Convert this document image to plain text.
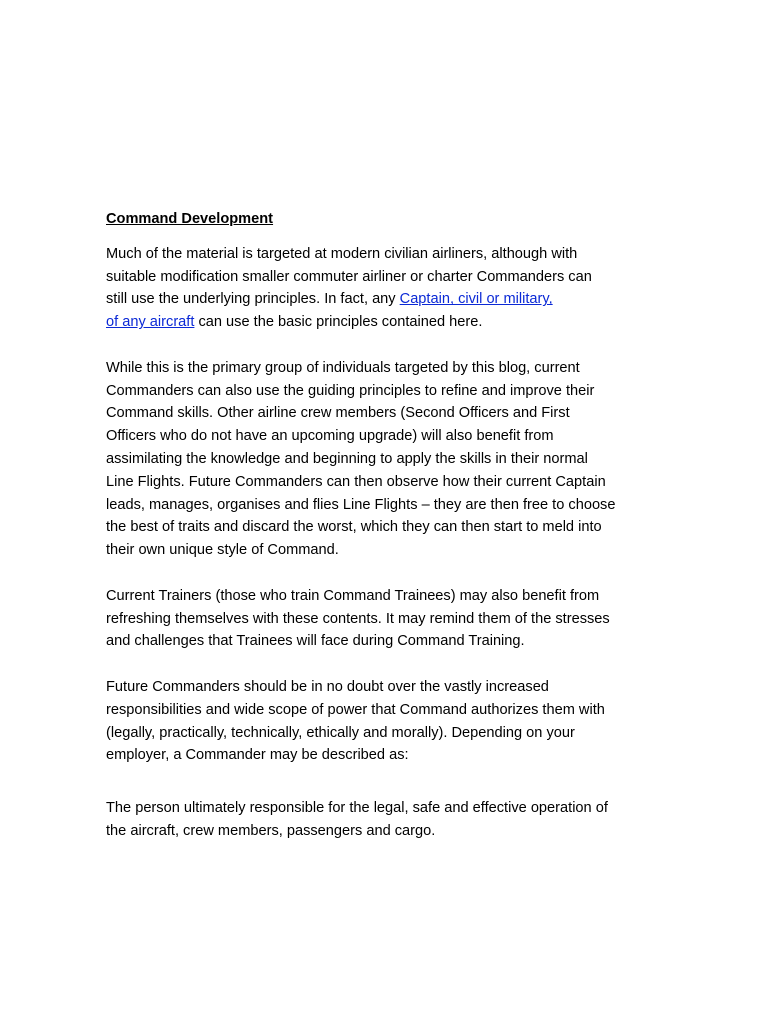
Command Development
Much of the material is targeted at modern civilian airliners, although with
suitable modification smaller commuter airliner or charter Commanders can
still use the underlying principles. In fact, any Captain, civil or military,
of any aircraft can use the basic principles contained here.
While this is the primary group of individuals targeted by this blog, current
Commanders can also use the guiding principles to refine and improve their
Command skills. Other airline crew members (Second Officers and First
Officers who do not have an upcoming upgrade) will also benefit from
assimilating the knowledge and beginning to apply the skills in their normal
Line Flights. Future Commanders can then observe how their current Captain
leads, manages, organises and flies Line Flights – they are then free to choose
the best of traits and discard the worst, which they can then start to meld into
their own unique style of Command.
Current Trainers (those who train Command Trainees) may also benefit from
refreshing themselves with these contents. It may remind them of the stresses
and challenges that Trainees will face during Command Training.
Future Commanders should be in no doubt over the vastly increased
responsibilities and wide scope of power that Command authorizes them with
(legally, practically, technically, ethically and morally). Depending on your
employer, a Commander may be described as:
The person ultimately responsible for the legal, safe and effective operation of
the aircraft, crew members, passengers and cargo.
